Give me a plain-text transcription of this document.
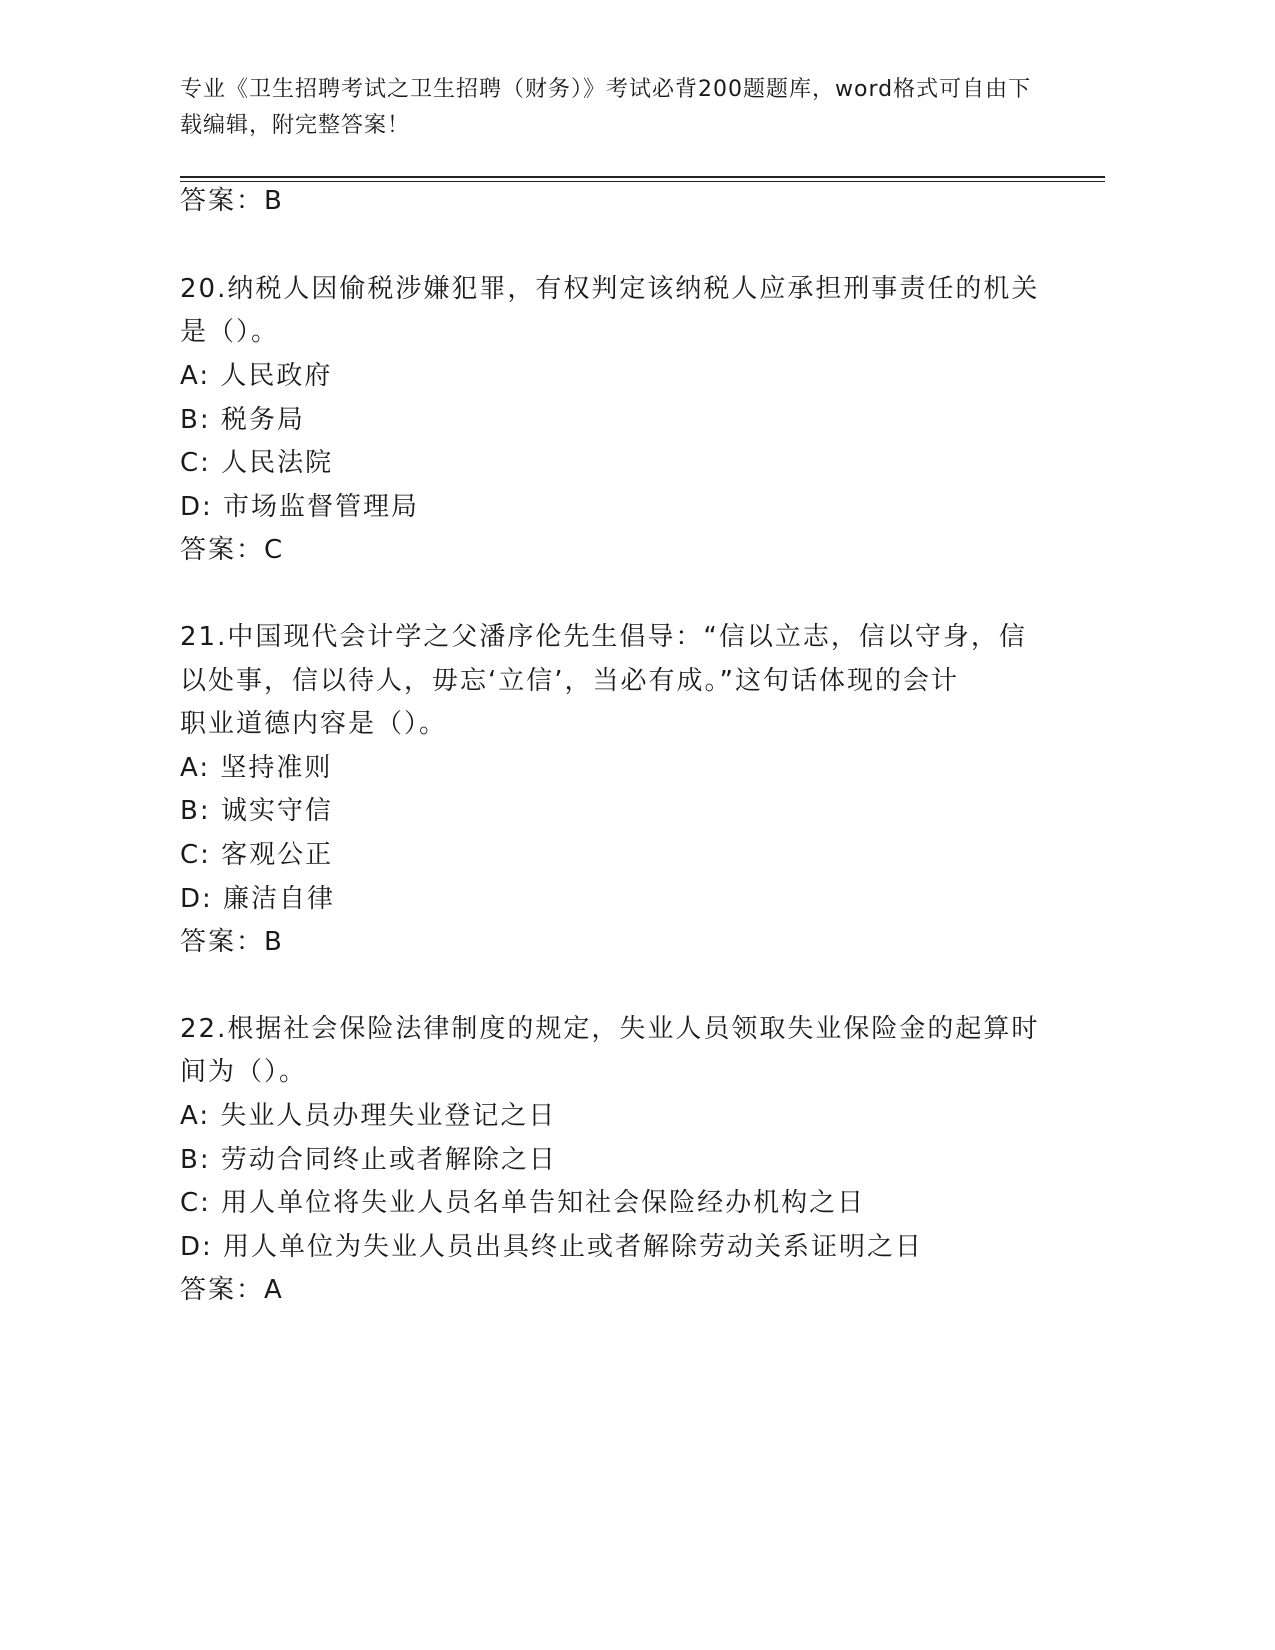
专业《卫生招聘考试之卫生招聘（财务）》考试必背200题题库，word格式可自由下载编辑，附完整答案！
答案：B
20.纳税人因偷税涉嫌犯罪，有权判定该纳税人应承担刑事责任的机关
是（）。
A: 人民政府
B: 税务局
C: 人民法院
D: 市场监督管理局
答案：C
21.中国现代会计学之父潘序伦先生倡导：“信以立志，信以守身，信
以处事，信以待人，毋忘‘立信’，当必有成。”这句话体现的会计
职业道德内容是（）。
A: 坚持准则
B: 诚实守信
C: 客观公正
D: 廉洁自律
答案：B
22.根据社会保险法律制度的规定，失业人员领取失业保险金的起算时
间为（）。
A: 失业人员办理失业登记之日
B: 劳动合同终止或者解除之日
C: 用人单位将失业人员名单告知社会保险经办机构之日
D: 用人单位为失业人员出具终止或者解除劳动关系证明之日
答案：A
